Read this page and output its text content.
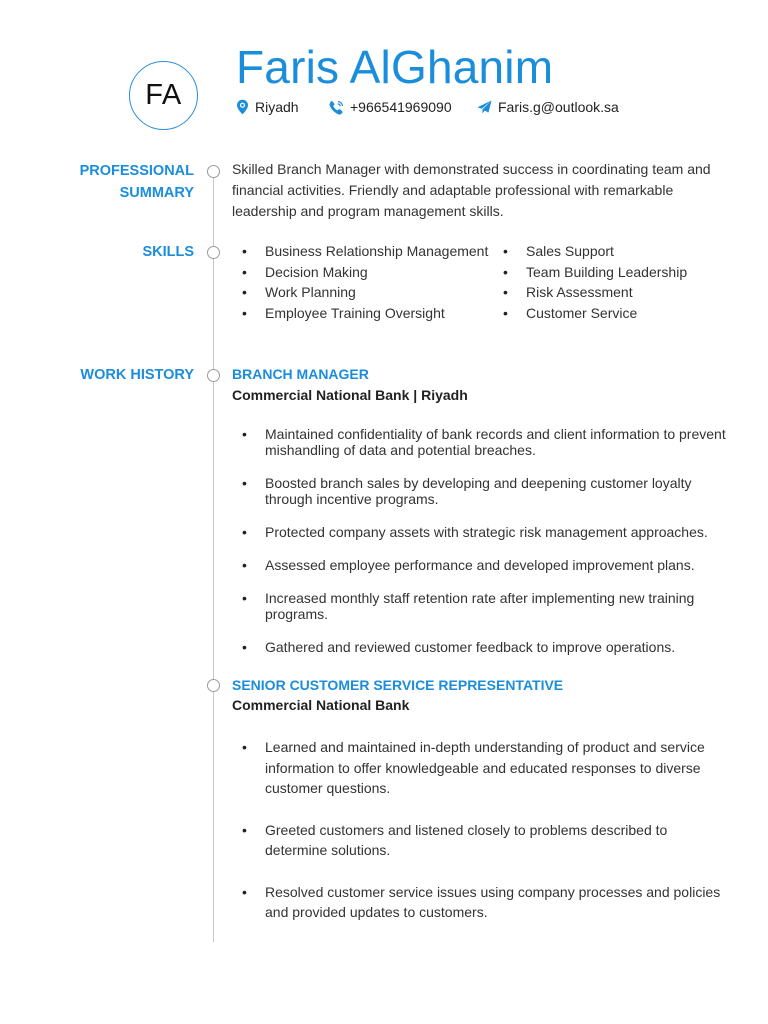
FA
Faris AlGhanim
Riyadh	+966541969090	Faris.g@outlook.sa
PROFESSIONAL
SUMMARY
Skilled Branch Manager with demonstrated success in coordinating team and financial activities. Friendly and adaptable professional with remarkable leadership and program management skills.
SKILLS
•	Business Relationship Management
• Decision Making
• Work Planning
• Employee Training Oversight
• Sales Support
• Team Building Leadership
• Risk Assessment
• Customer Service
WORK HISTORY	BRANCH MANAGER
Commercial National Bank | Riyadh
• Maintained confidentiality of bank records and client information to prevent mishandling of data and potential breaches.
• Boosted branch sales by developing and deepening customer loyalty through incentive programs.
• Protected company assets with strategic risk management approaches.
• Assessed employee performance and developed improvement plans.
• Increased monthly staff retention rate after implementing new training programs.
• Gathered and reviewed customer feedback to improve operations.
SENIOR CUSTOMER SERVICE REPRESENTATIVE
Commercial National Bank
• Learned and maintained in-depth understanding of product and service information to offer knowledgeable and educated responses to diverse customer questions.
• Greeted customers and listened closely to problems described to determine solutions.
• Resolved customer service issues using company processes and policies and provided updates to customers.
